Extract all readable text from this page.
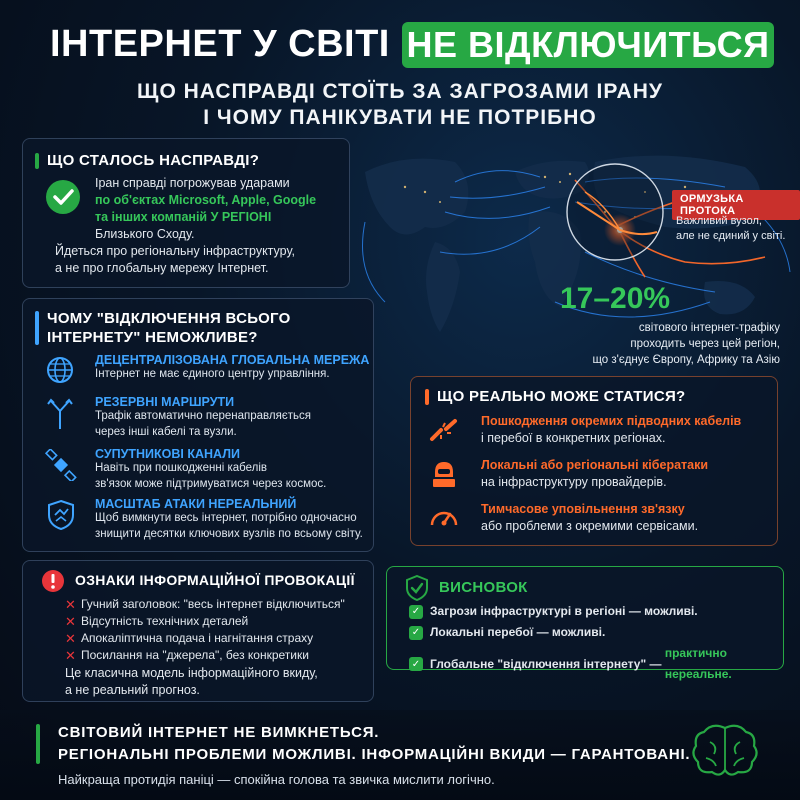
ІНТЕРНЕТ У СВІТІ НЕ ВІДКЛЮЧИТЬСЯ
ЩО НАСПРАВДІ СТОЇТЬ ЗА ЗАГРОЗАМИ ІРАНУ
І ЧОМУ ПАНІКУВАТИ НЕ ПОТРІБНО
ОРМУЗЬКА ПРОТОКА
Важливий вузол,
але не єдиний у світі.
17–20%
світового інтернет-трафіку
проходить через цей регіон,
що з'єднує Європу, Африку та Азію
ЩО СТАЛОСЬ НАСПРАВДІ?
Іран справді погрожував ударами
по об'єктах Microsoft, Apple, Google
та інших компаній У РЕГІОНІ
Близького Сходу.
Йдеться про регіональну інфраструктуру,
а не про глобальну мережу Інтернет.
ЧОМУ "ВІДКЛЮЧЕННЯ ВСЬОГО
ІНТЕРНЕТУ" НЕМОЖЛИВЕ?
ДЕЦЕНТРАЛІЗОВАНА ГЛОБАЛЬНА МЕРЕЖА
Інтернет не має єдиного центру управління.
РЕЗЕРВНІ МАРШРУТИ
Трафік автоматично перенаправляється
через інші кабелі та вузли.
СУПУТНИКОВІ КАНАЛИ
Навіть при пошкодженні кабелів
зв'язок може підтримуватися через космос.
МАСШТАБ АТАКИ НЕРЕАЛЬНИЙ
Щоб вимкнути весь інтернет, потрібно одночасно
знищити десятки ключових вузлів по всьому світу.
ЩО РЕАЛЬНО МОЖЕ СТАТИСЯ?
Пошкодження окремих підводних кабелів
і перебої в конкретних регіонах.
Локальні або регіональні кібератаки
на інфраструктуру провайдерів.
Тимчасове уповільнення зв'язку
або проблеми з окремими сервісами.
ОЗНАКИ ІНФОРМАЦІЙНОЇ ПРОВОКАЦІЇ
✕ Гучний заголовок: "весь інтернет відключиться"
✕ Відсутність технічних деталей
✕ Апокаліптична подача і нагнітання страху
✕ Посилання на "джерела", без конкретики
Це класична модель інформаційного вкиду,
а не реальний прогноз.
ВИСНОВОК
✓ Загрози інфраструктурі в регіоні — можливі.
✓ Локальні перебої — можливі.
✓ Глобальне "відключення інтернету" —
практично нереальне.
СВІТОВИЙ ІНТЕРНЕТ НЕ ВИМКНЕТЬСЯ.
РЕГІОНАЛЬНІ ПРОБЛЕМИ МОЖЛИВІ. ІНФОРМАЦІЙНІ ВКИДИ — ГАРАНТОВАНІ.
Найкраща протидія паніці — спокійна голова та звичка мислити логічно.
